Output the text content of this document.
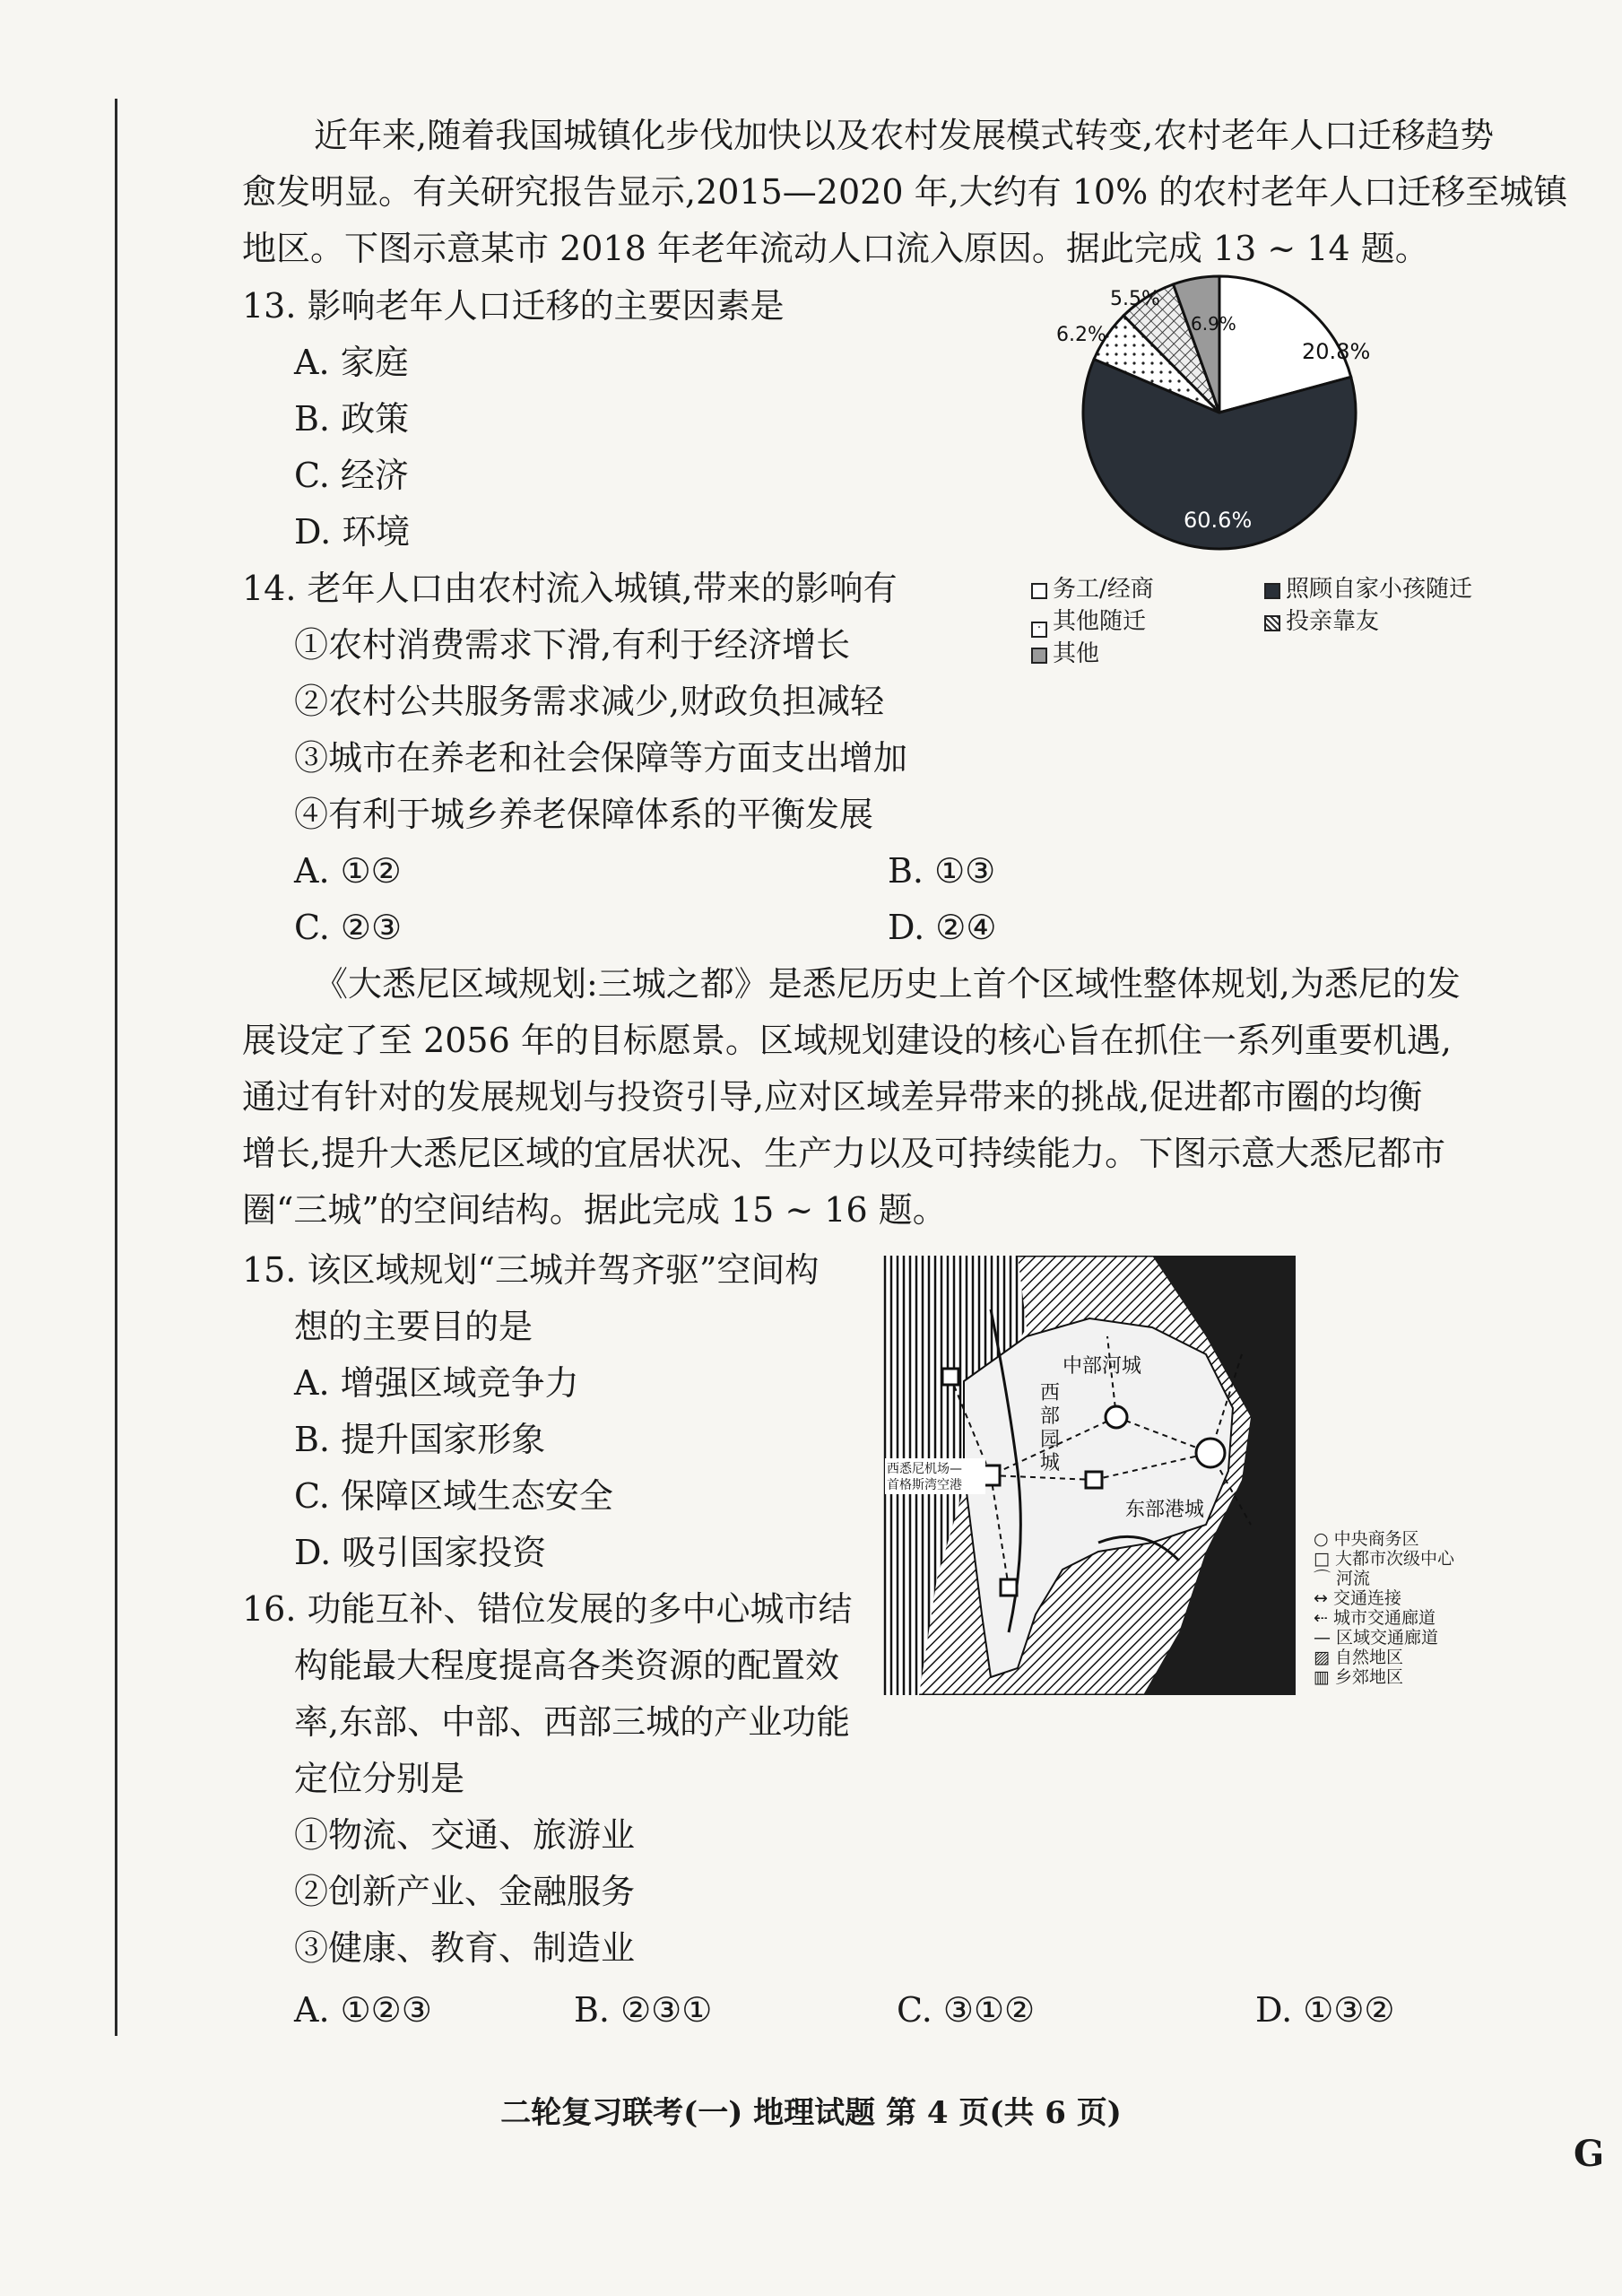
近年来,随着我国城镇化步伐加快以及农村发展模式转变,农村老年人口迁移趋势
愈发明显。有关研究报告显示,2015—2020 年,大约有 10% 的农村老年人口迁移至城镇
地区。下图示意某市 2018 年老年流动人口流入原因。据此完成 13 ~ 14 题。
13. 影响老年人口迁移的主要因素是
A. 家庭
B. 政策
C. 经济
D. 环境
20.8%
60.6%
6.2%
5.5%
6.9%
务工/经商	照顾自家小孩随迁
· 其他随迁	投亲靠友
其他
14. 老年人口由农村流入城镇,带来的影响有
①农村消费需求下滑,有利于经济增长
②农村公共服务需求减少,财政负担减轻
③城市在养老和社会保障等方面支出增加
④有利于城乡养老保障体系的平衡发展
A. ①②	B. ①③
C. ②③	D. ②④
《大悉尼区域规划:三城之都》是悉尼历史上首个区域性整体规划,为悉尼的发
展设定了至 2056 年的目标愿景。区域规划建设的核心旨在抓住一系列重要机遇,
通过有针对的发展规划与投资引导,应对区域差异带来的挑战,促进都市圈的均衡
增长,提升大悉尼区域的宜居状况、生产力以及可持续能力。下图示意大悉尼都市
圈“三城”的空间结构。据此完成 15 ~ 16 题。
15. 该区域规划“三城并驾齐驱”空间构
想的主要目的是
A. 增强区域竞争力
B. 提升国家形象
C. 保障区域生态安全
D. 吸引国家投资
中部河城
西
部
园
城
东部港城
西悉尼机场—
首格斯湾空港
○ 中央商务区
□ 大都市次级中心
⌒ 河流
↔ 交通连接
⇠ 城市交通廊道
— 区域交通廊道
▨ 自然地区
▥ 乡郊地区
16. 功能互补、错位发展的多中心城市结
构能最大程度提高各类资源的配置效
率,东部、中部、西部三城的产业功能
定位分别是
①物流、交通、旅游业
②创新产业、金融服务
③健康、教育、制造业
A. ①②③	B. ②③①	C. ③①②	D. ①③②
二轮复习联考(一) 地理试题 第 4 页(共 6 页)
G
